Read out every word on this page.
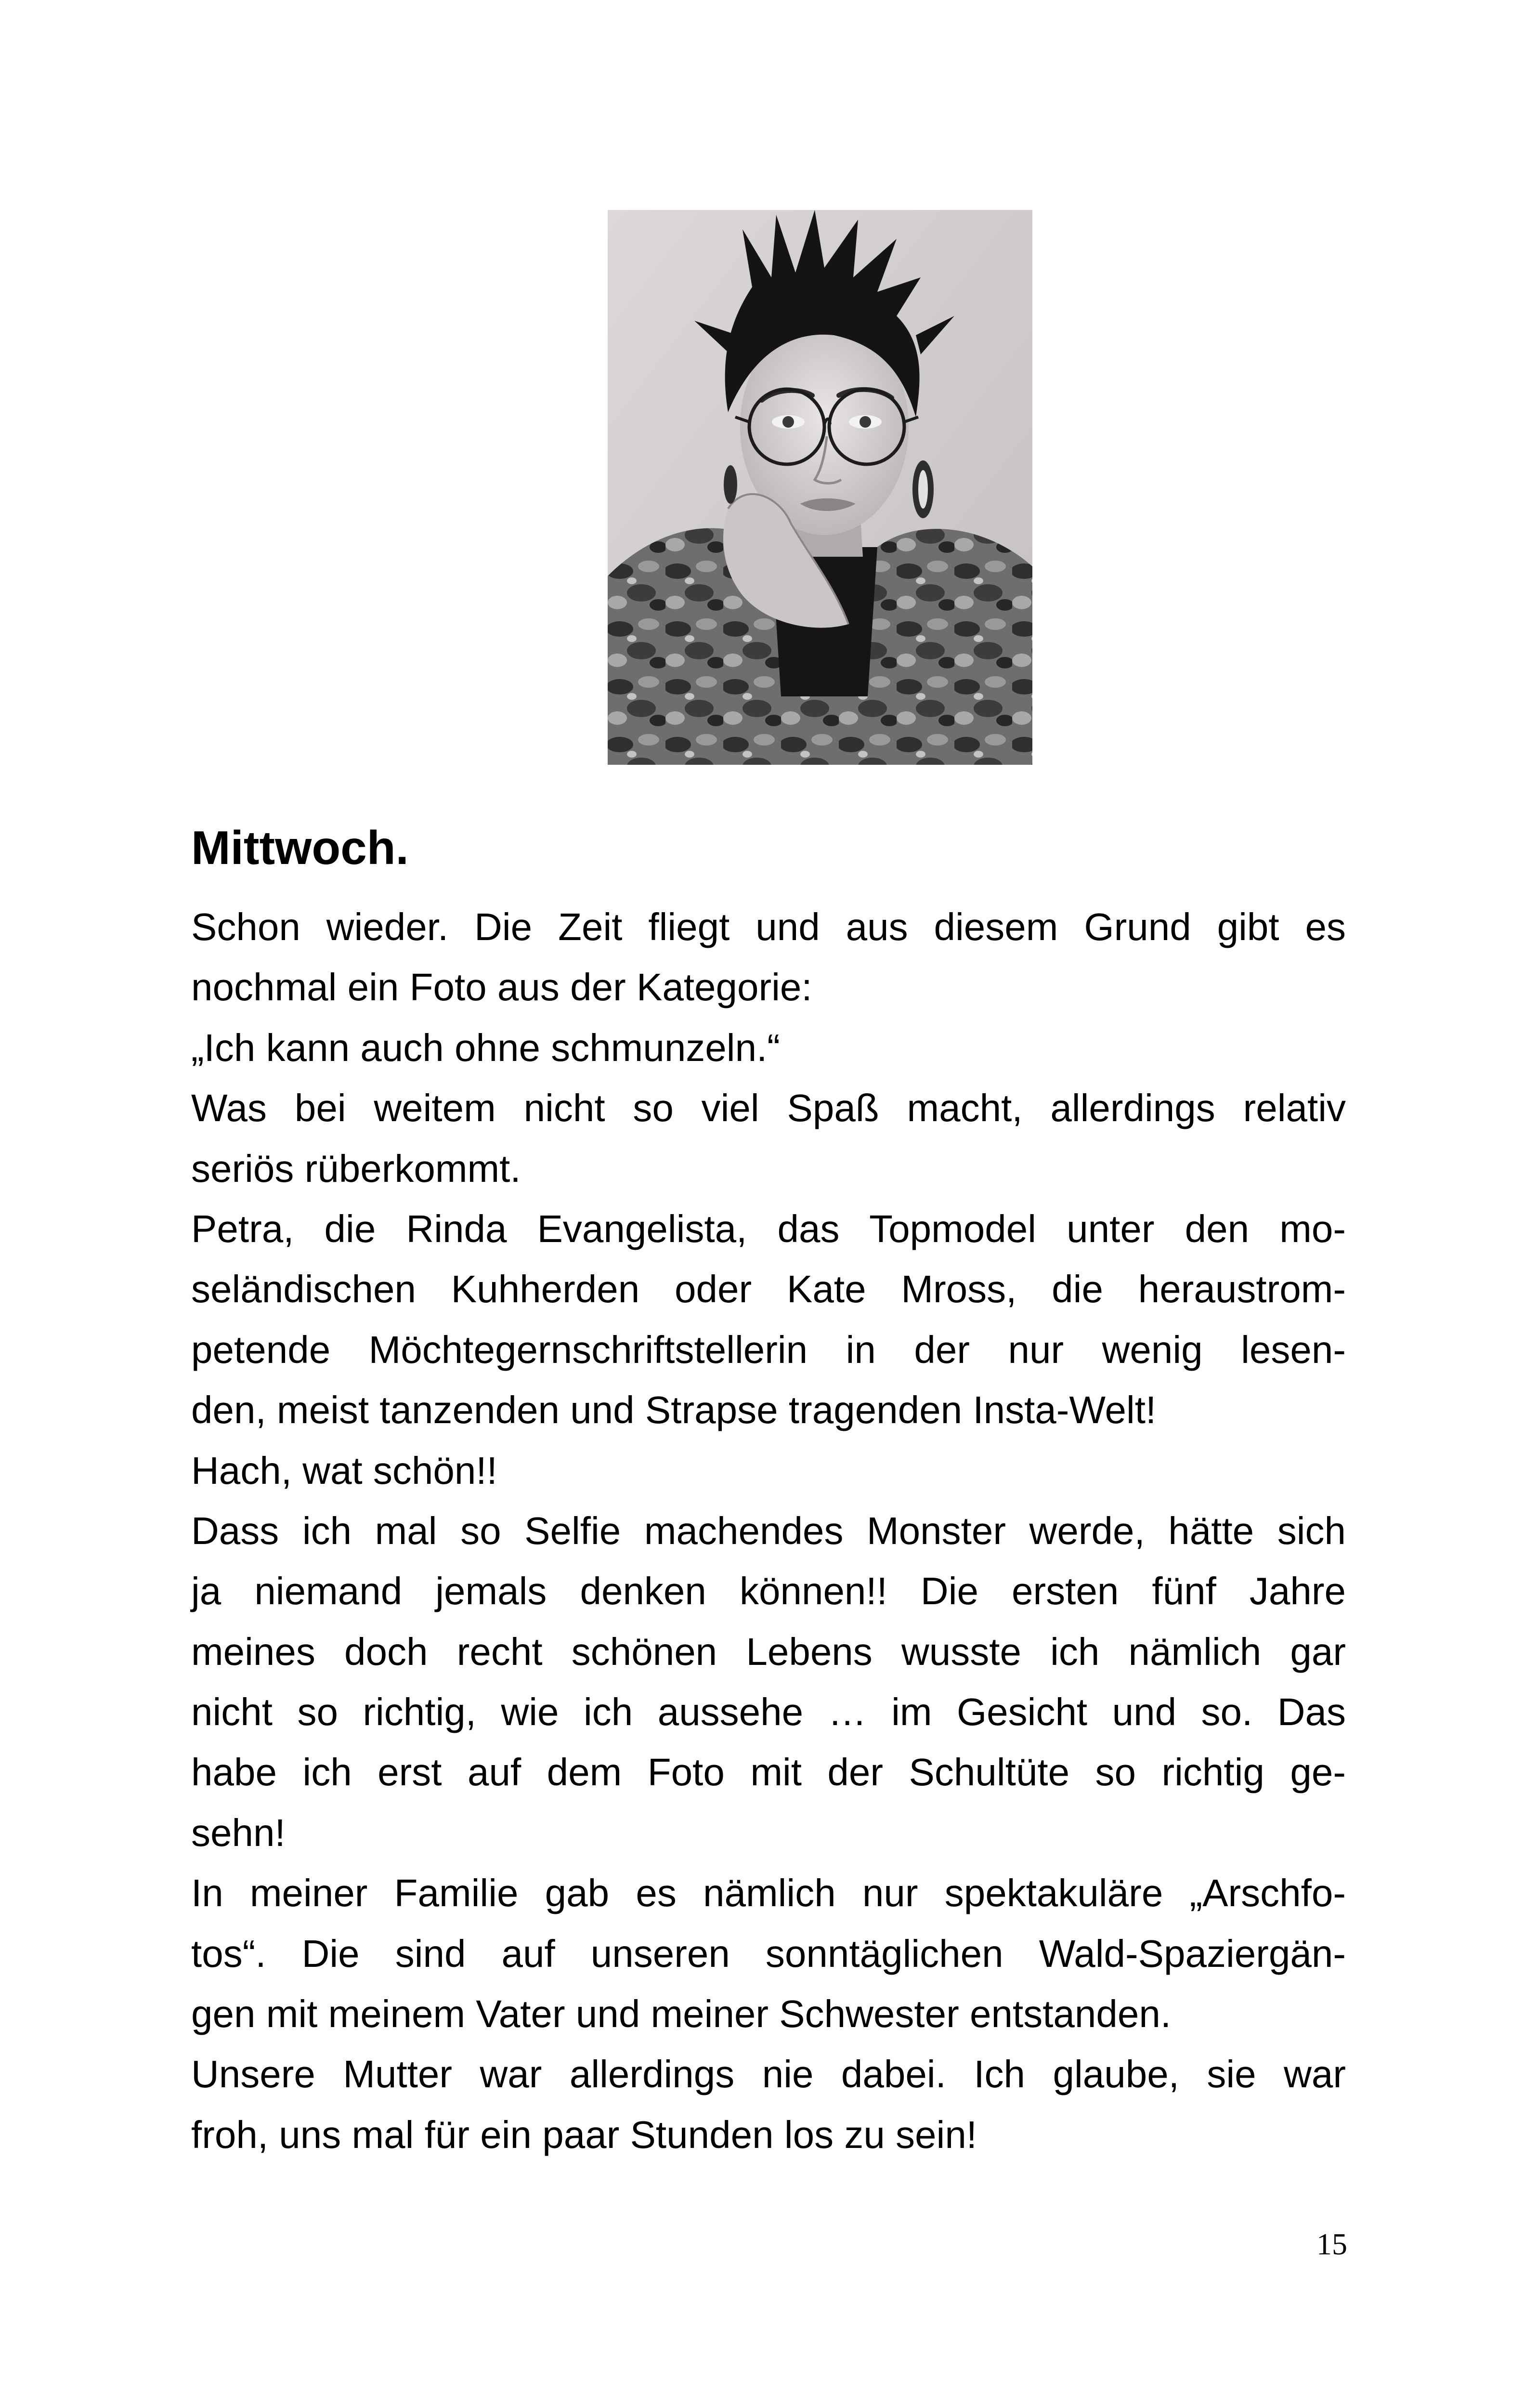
Mittwoch.
Schon wieder. Die Zeit fliegt und aus diesem Grund gibt es
nochmal ein Foto aus der Kategorie:
„Ich kann auch ohne schmunzeln.“
Was bei weitem nicht so viel Spaß macht, allerdings relativ
seriös rüberkommt.
Petra, die Rinda Evangelista, das Topmodel unter den mo-
seländischen Kuhherden oder Kate Mross, die heraustrom-
petende Möchtegernschriftstellerin in der nur wenig lesen-
den, meist tanzenden und Strapse tragenden Insta-Welt!
Hach, wat schön!!
Dass ich mal so Selfie machendes Monster werde, hätte sich
ja niemand jemals denken können!! Die ersten fünf Jahre
meines doch recht schönen Lebens wusste ich nämlich gar
nicht so richtig, wie ich aussehe … im Gesicht und so. Das
habe ich erst auf dem Foto mit der Schultüte so richtig ge-
sehn!
In meiner Familie gab es nämlich nur spektakuläre „Arschfo-
tos“. Die sind auf unseren sonntäglichen Wald-Spaziergän-
gen mit meinem Vater und meiner Schwester entstanden.
Unsere Mutter war allerdings nie dabei. Ich glaube, sie war
froh, uns mal für ein paar Stunden los zu sein!
15
